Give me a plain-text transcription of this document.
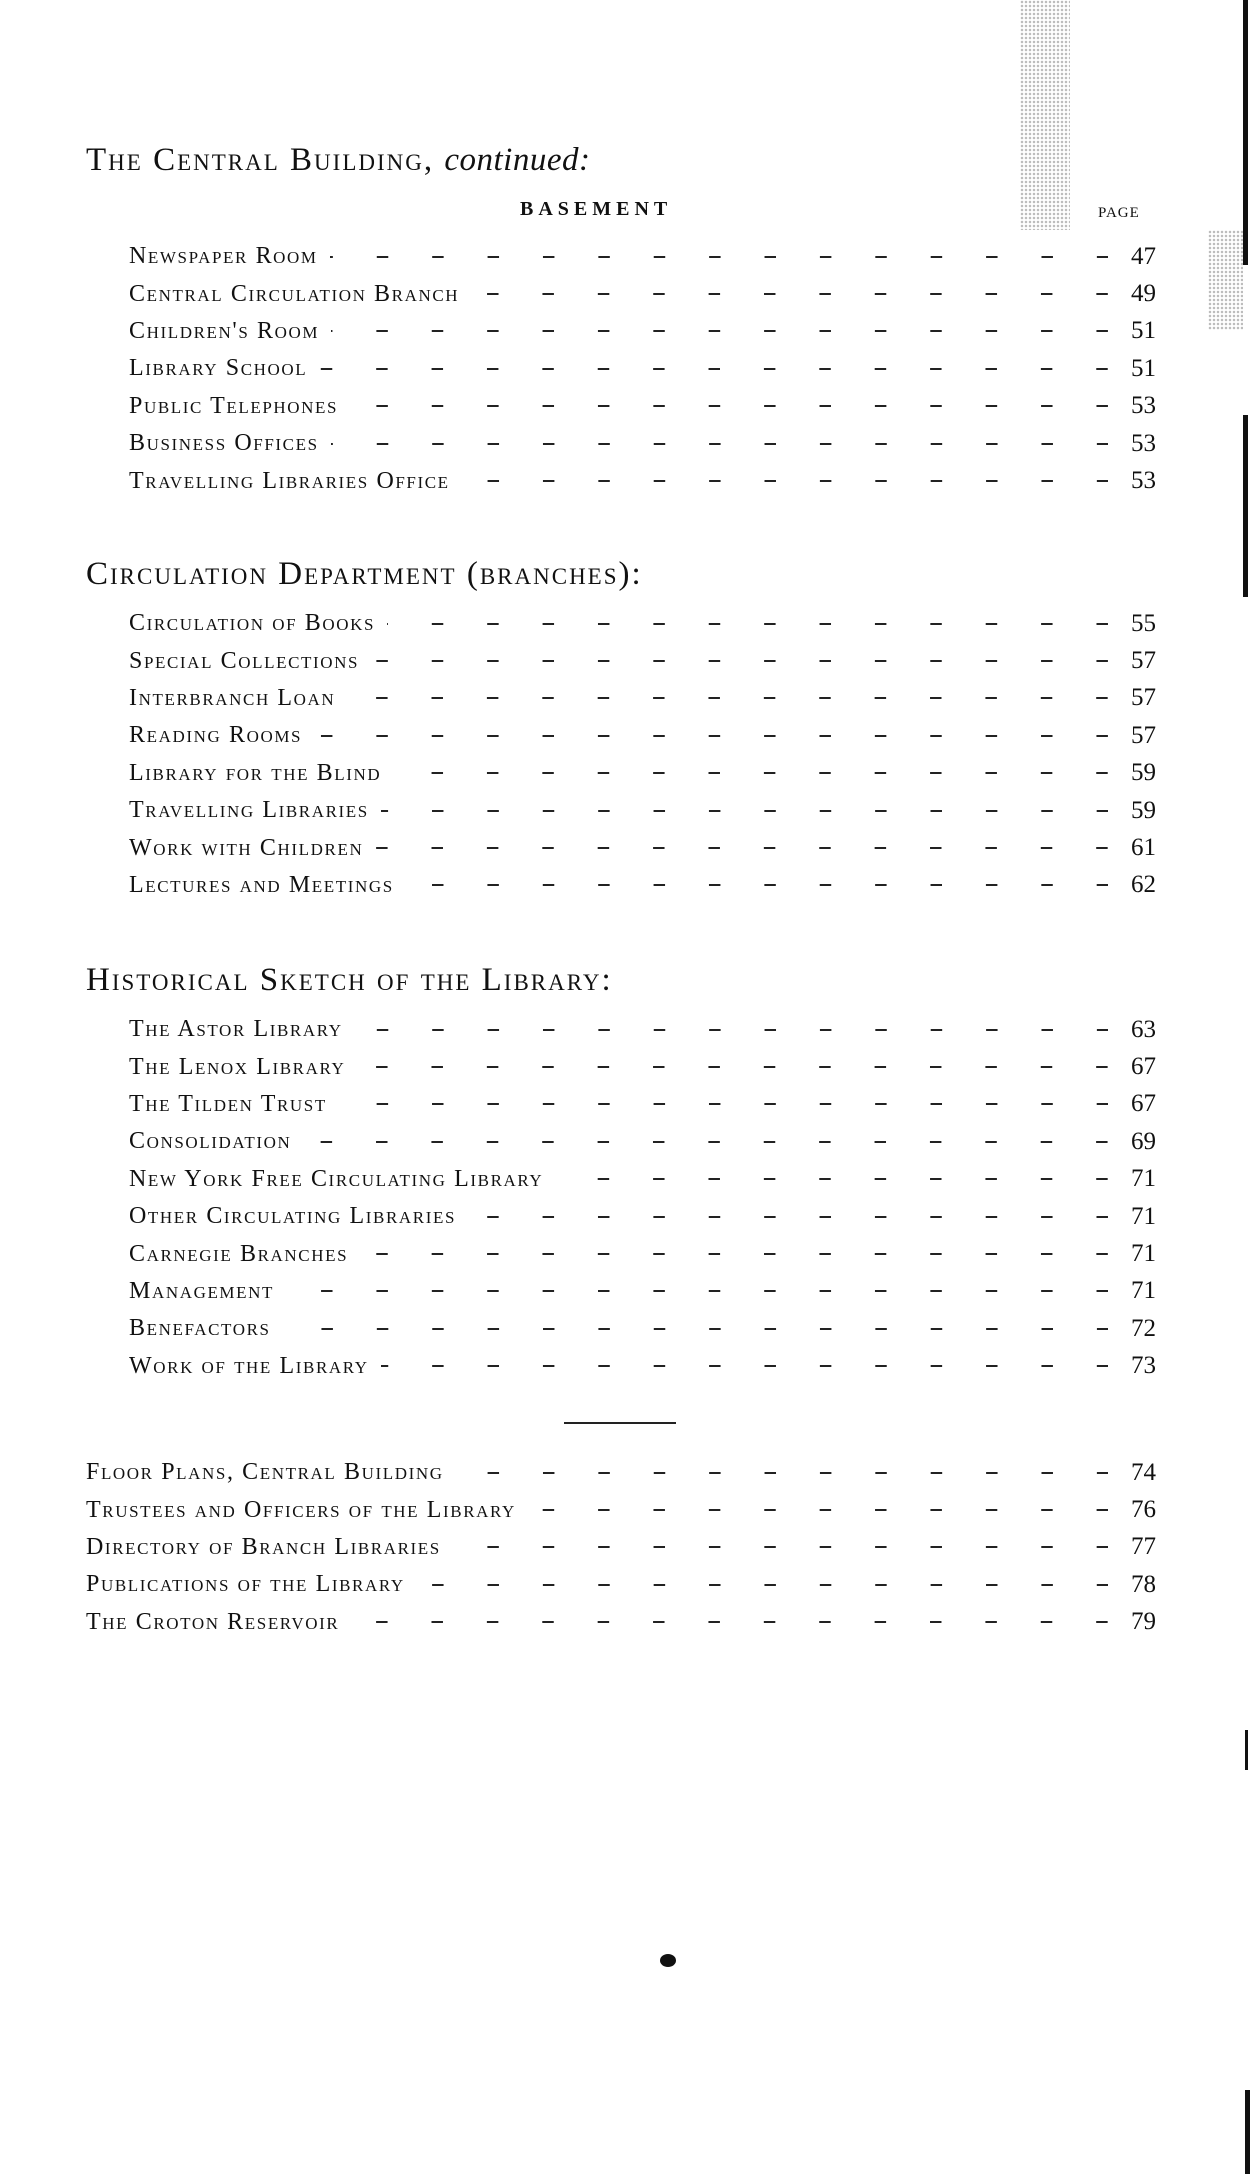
The Central Building, continued:
BASEMENT	PAGE
Newspaper Room	47
Central Circulation Branch	49
Children's Room	51
Library School	51
Public Telephones	53
Business Offices	53
Travelling Libraries Office	53
Circulation Department (branches):
Circulation of Books	55
Special Collections	57
Interbranch Loan	57
Reading Rooms	57
Library for the Blind	59
Travelling Libraries	59
Work with Children	61
Lectures and Meetings	62
Historical Sketch of the Library:
The Astor Library	63
The Lenox Library	67
The Tilden Trust	67
Consolidation	69
New York Free Circulating Library	71
Other Circulating Libraries	71
Carnegie Branches	71
Management	71
Benefactors	72
Work of the Library	73
Floor Plans, Central Building	74
Trustees and Officers of the Library	76
Directory of Branch Libraries	77
Publications of the Library	78
The Croton Reservoir	79
